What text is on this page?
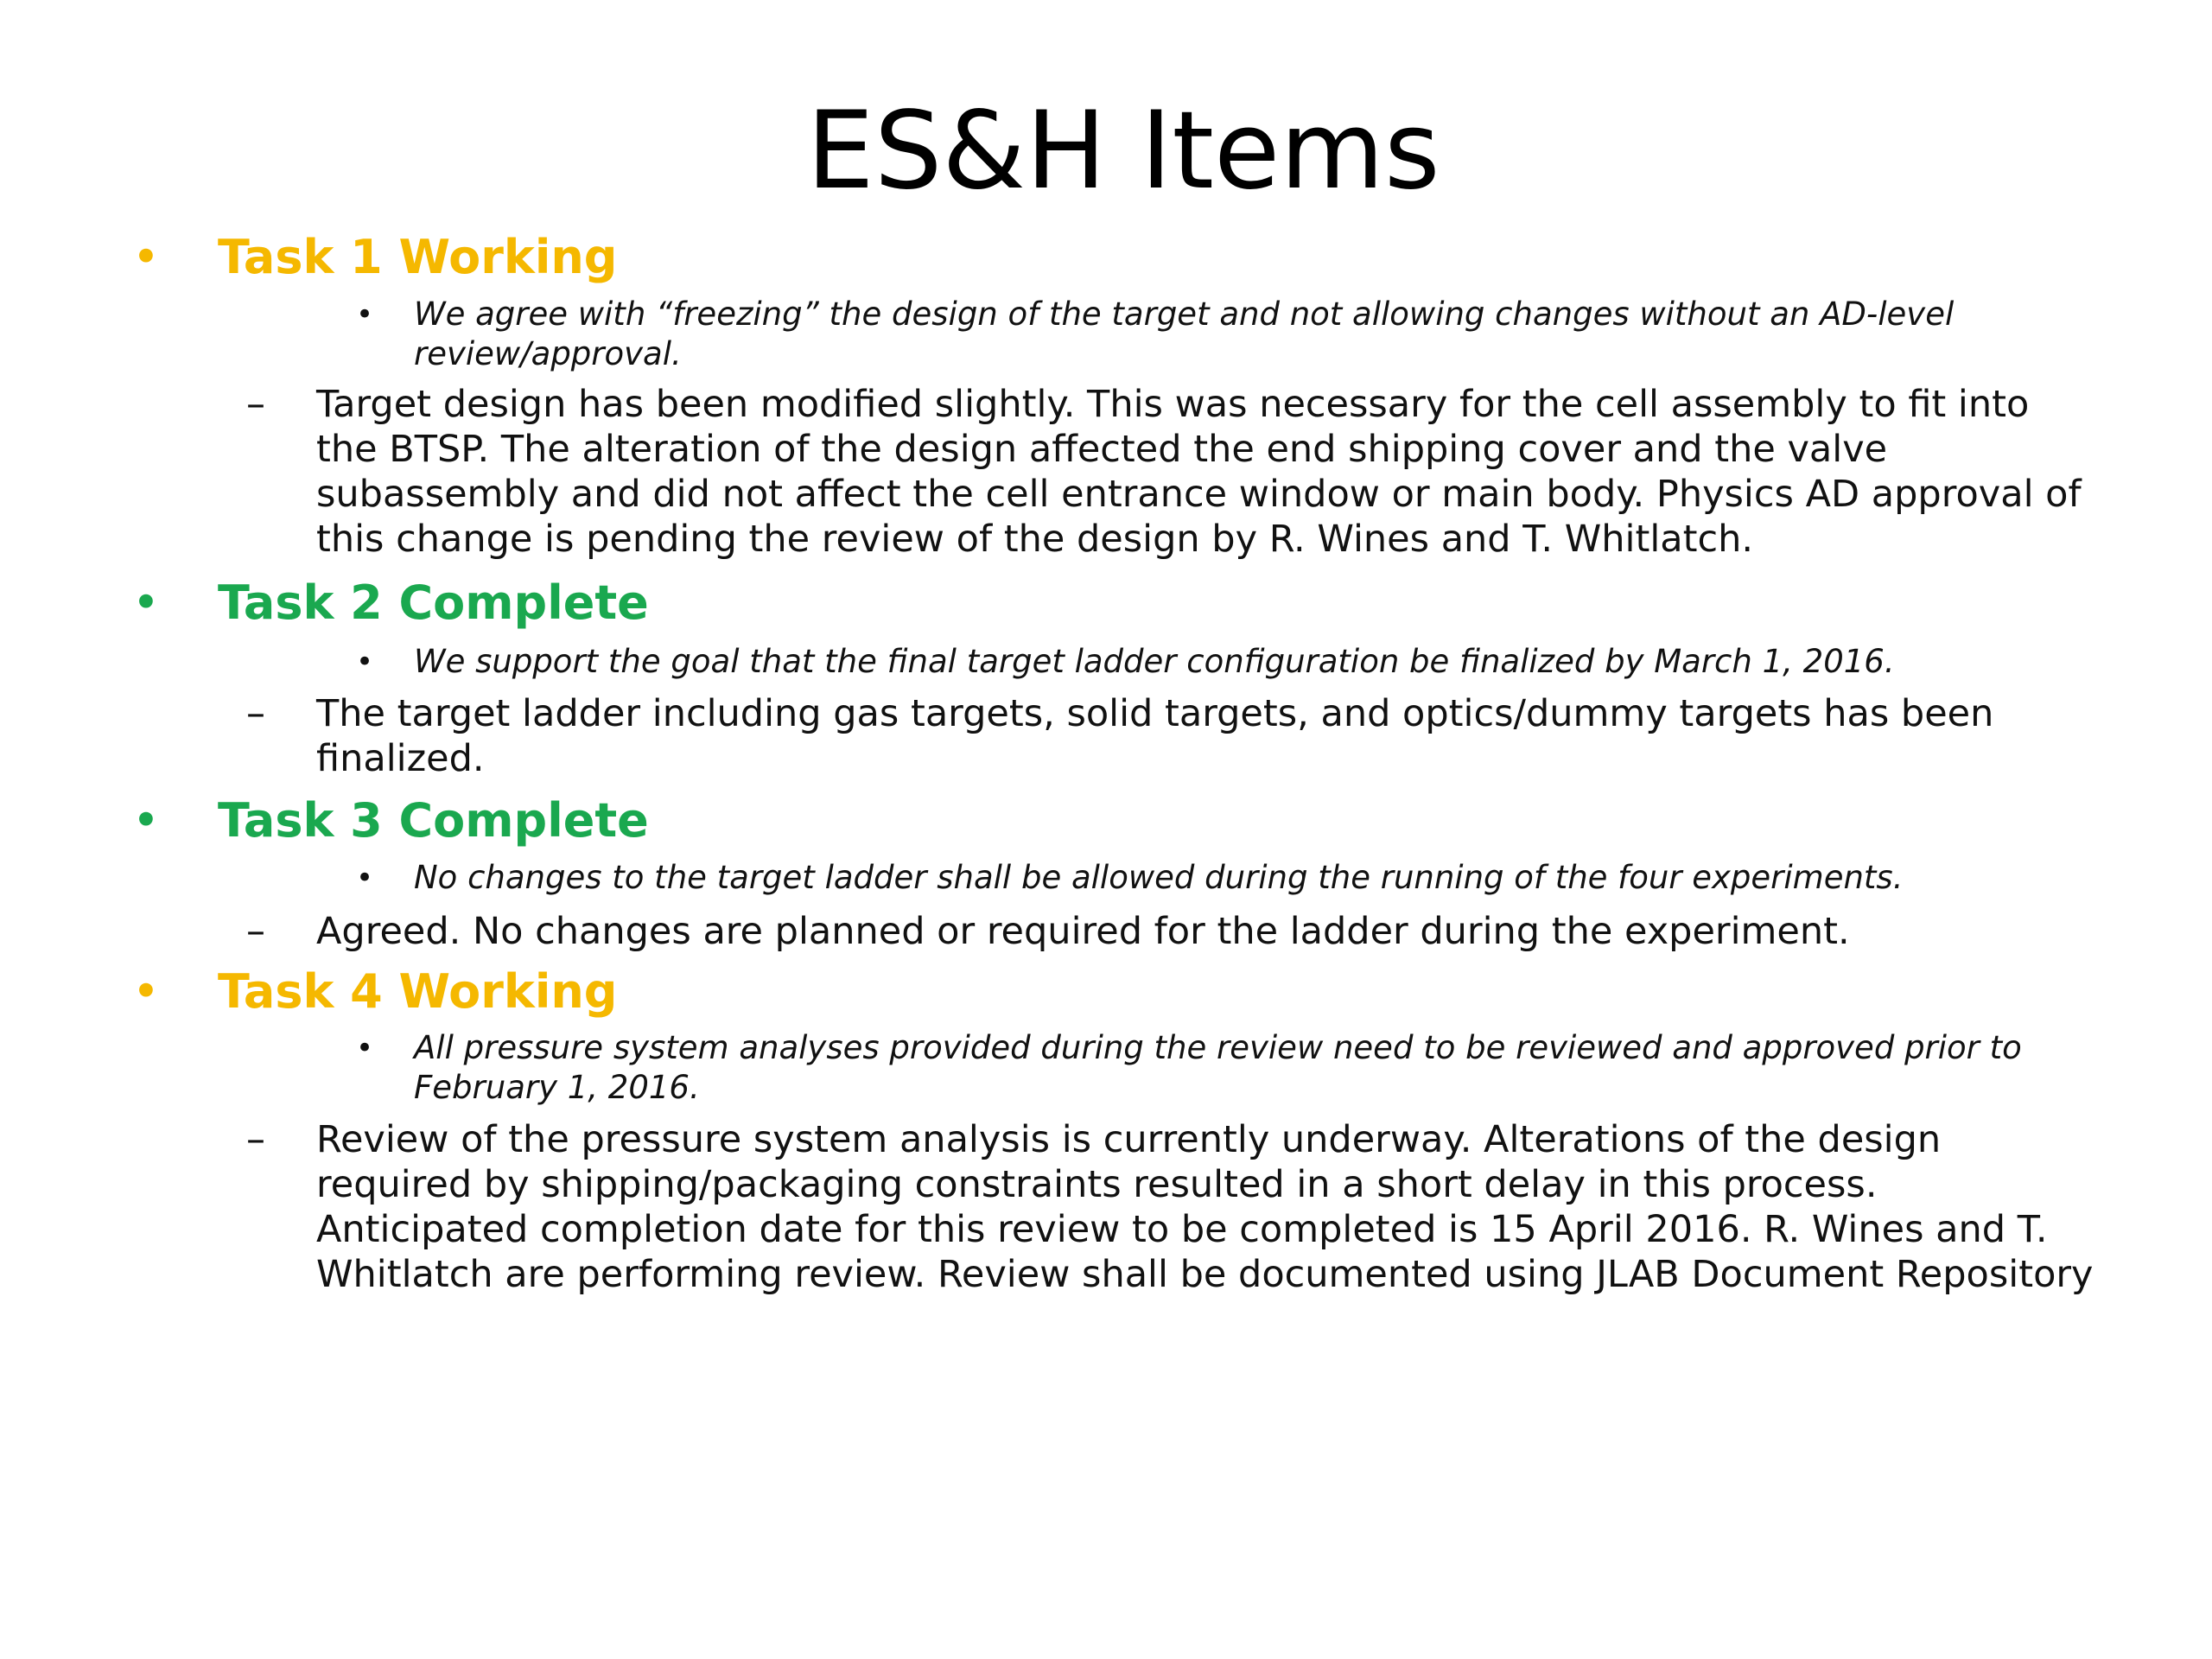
ES&H Items
• Task 1 Working
• We agree with “freezing” the design of the target and not allowing changes without an AD-level review/approval.
– Target design has been modified slightly. This was necessary for the cell assembly to fit into the BTSP. The alteration of the design affected the end shipping cover and the valve subassembly and did not affect the cell entrance window or main body. Physics AD approval of this change is pending the review of the design by R. Wines and T. Whitlatch.
• Task 2 Complete
• We support the goal that the final target ladder configuration be finalized by March 1, 2016.
– The target ladder including gas targets, solid targets, and optics/dummy targets has been finalized.
• Task 3 Complete
• No changes to the target ladder shall be allowed during the running of the four experiments.
– Agreed. No changes are planned or required for the ladder during the experiment.
• Task 4 Working
• All pressure system analyses provided during the review need to be reviewed and approved prior to February 1, 2016.
– Review of the pressure system analysis is currently underway. Alterations of the design required by shipping/packaging constraints resulted in a short delay in this process. Anticipated completion date for this review to be completed is 15 April 2016. R. Wines and T. Whitlatch are performing review. Review shall be documented using JLAB Document Repository
